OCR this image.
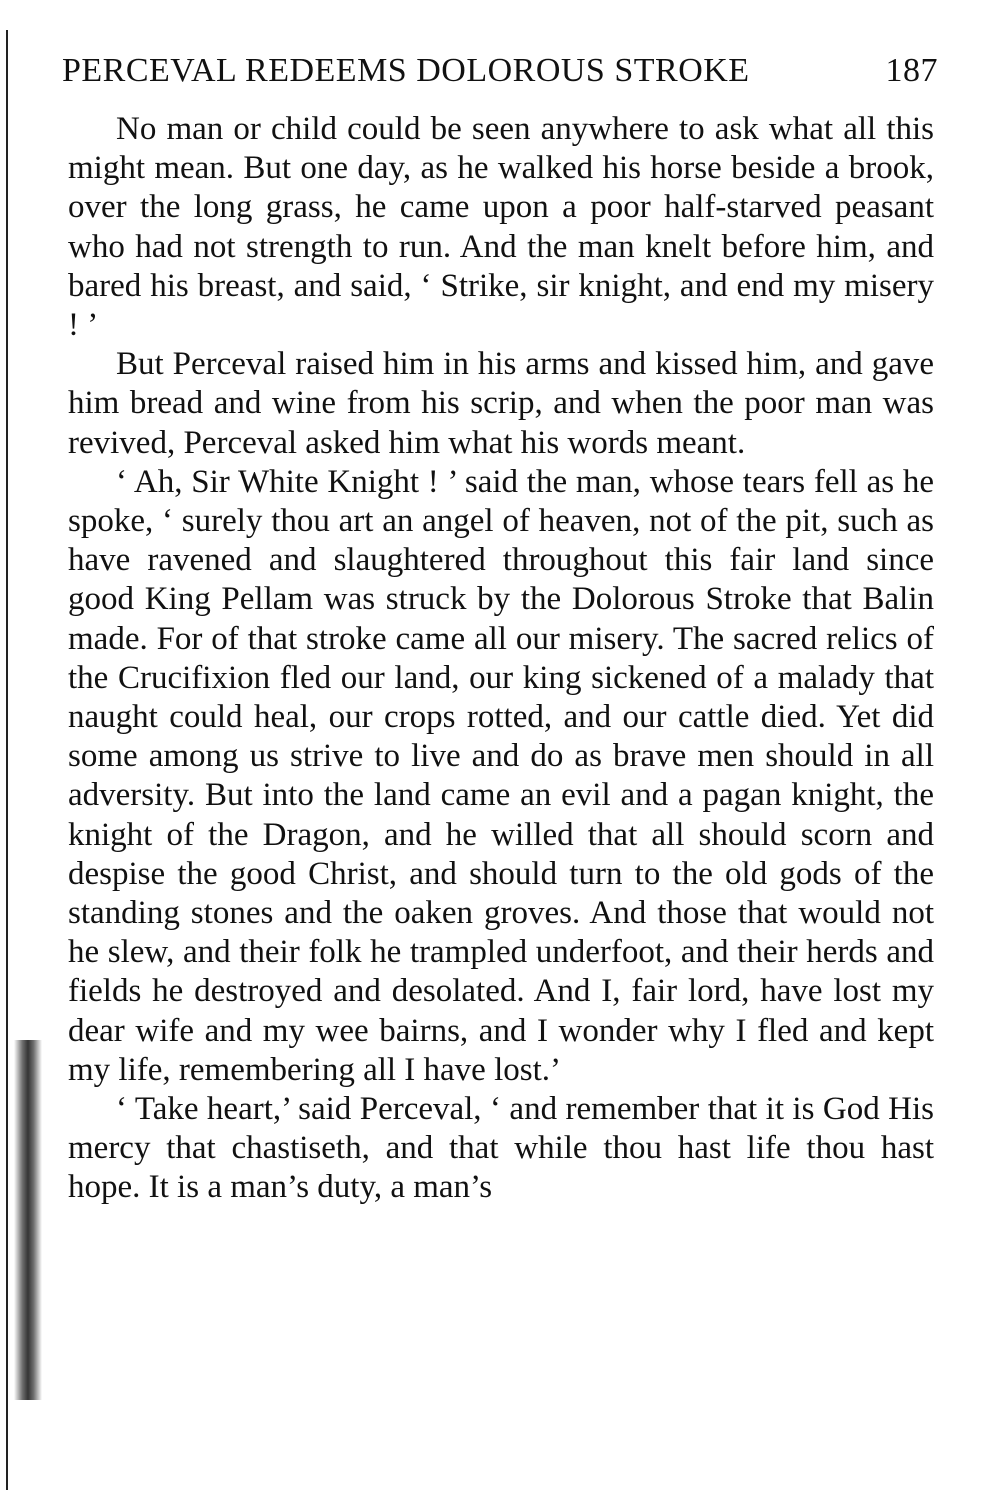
PERCEVAL REDEEMS DOLOROUS STROKE	187

No man or child could be seen anywhere to ask what all this might mean. But one day, as he walked his horse beside a brook, over the long grass, he came upon a poor half-starved peasant who had not strength to run. And the man knelt before him, and bared his breast, and said, ‘ Strike, sir knight, and end my misery ! ’

But Perceval raised him in his arms and kissed him, and gave him bread and wine from his scrip, and when the poor man was revived, Perceval asked him what his words meant.

‘ Ah, Sir White Knight ! ’ said the man, whose tears fell as he spoke, ‘ surely thou art an angel of heaven, not of the pit, such as have ravened and slaughtered throughout this fair land since good King Pellam was struck by the Dolorous Stroke that Balin made. For of that stroke came all our misery. The sacred relics of the Crucifixion fled our land, our king sickened of a malady that naught could heal, our crops rotted, and our cattle died. Yet did some among us strive to live and do as brave men should in all adversity. But into the land came an evil and a pagan knight, the knight of the Dragon, and he willed that all should scorn and despise the good Christ, and should turn to the old gods of the standing stones and the oaken groves. And those that would not he slew, and their folk he trampled underfoot, and their herds and fields he destroyed and desolated. And I, fair lord, have lost my dear wife and my wee bairns, and I wonder why I fled and kept my life, remembering all I have lost.’

‘ Take heart,’ said Perceval, ‘ and remember that it is God His mercy that chastiseth, and that while thou hast life thou hast hope. It is a man’s duty, a man’s
